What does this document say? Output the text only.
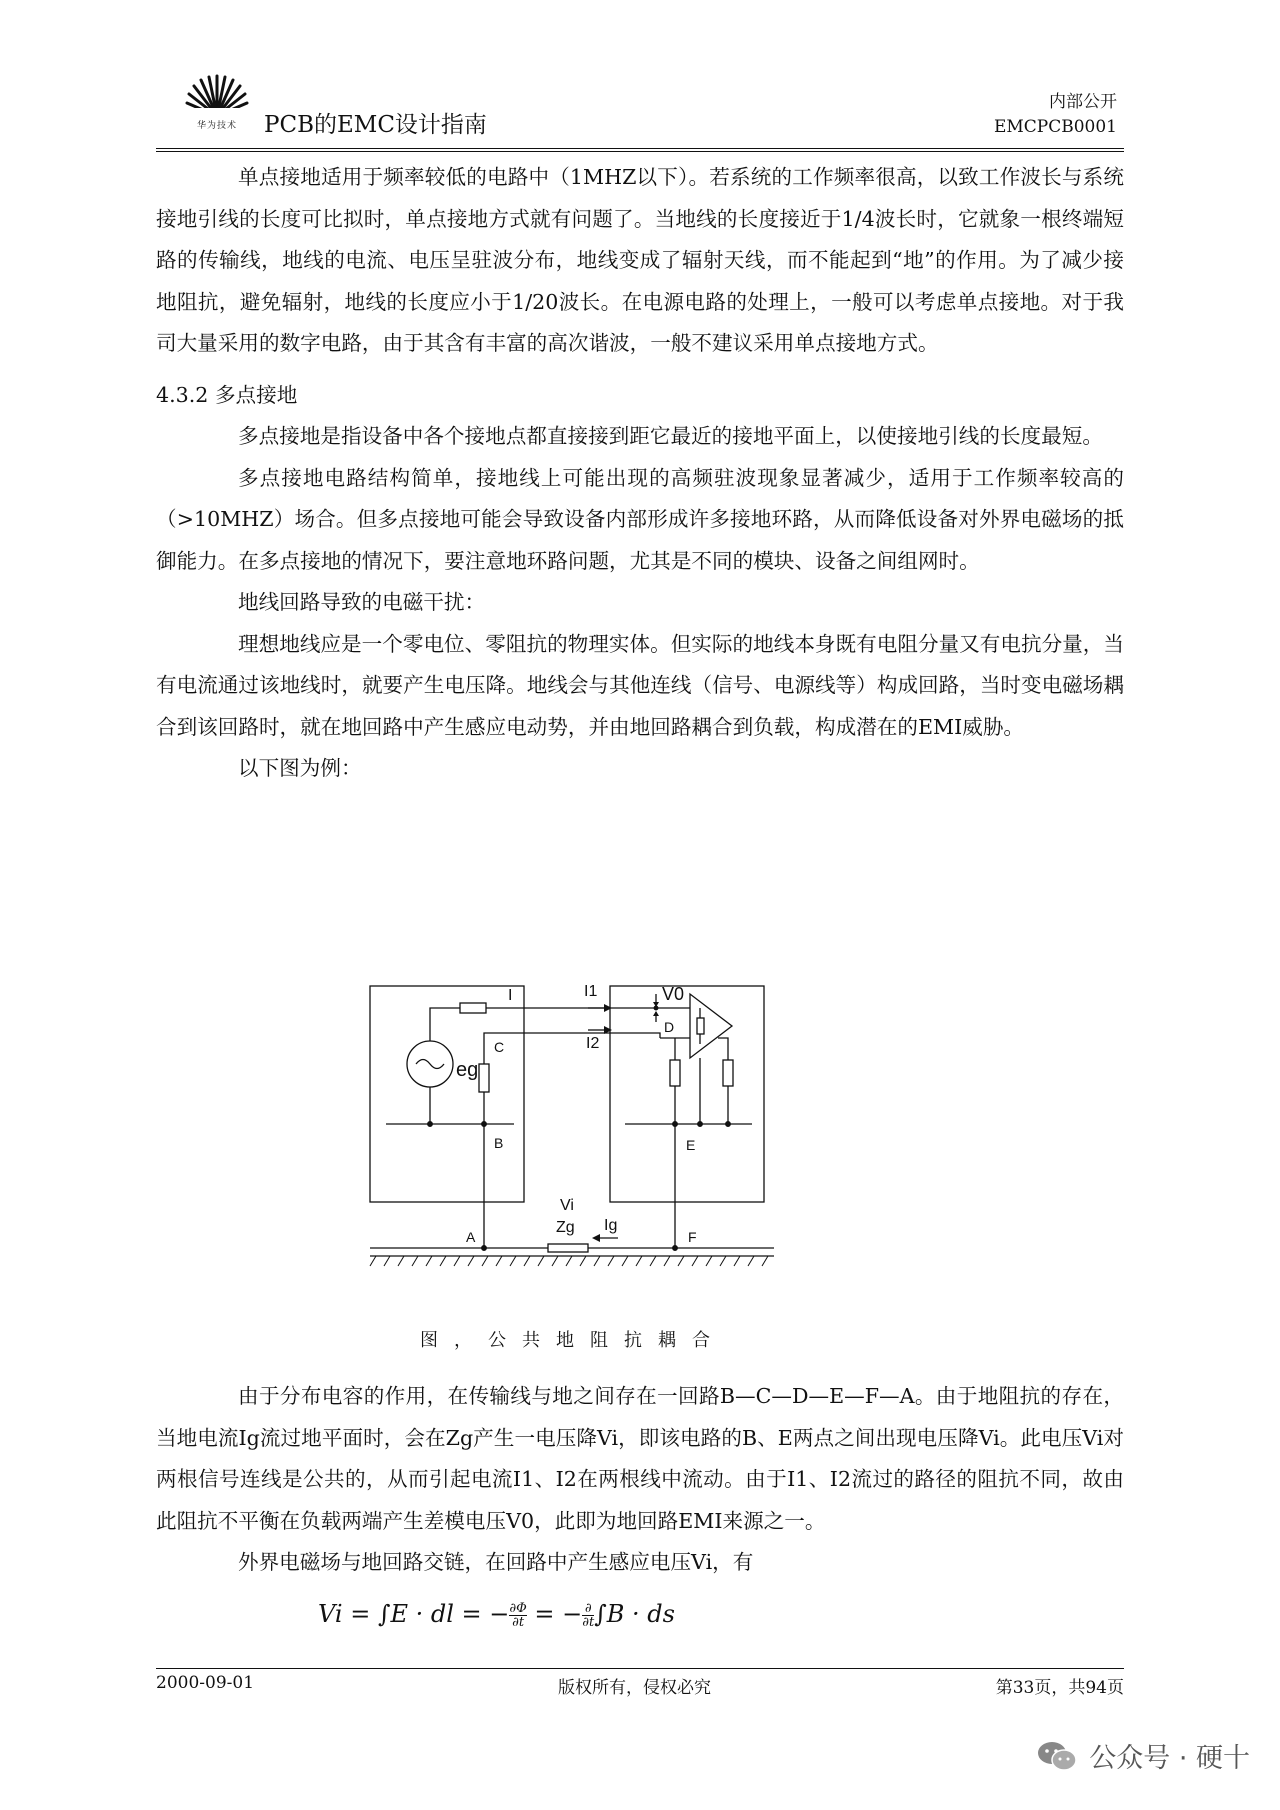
华为技术	PCB的EMC设计指南
内部公开
EMCPCB0001

单点接地适用于频率较低的电路中（1MHZ以下）。若系统的工作频率很高，以致工作波长与系统接地引线的长度可比拟时，单点接地方式就有问题了。当地线的长度接近于1/4波长时，它就象一根终端短路的传输线，地线的电流、电压呈驻波分布，地线变成了辐射天线，而不能起到“地”的作用。为了减少接地阻抗，避免辐射，地线的长度应小于1/20波长。在电源电路的处理上，一般可以考虑单点接地。对于我司大量采用的数字电路，由于其含有丰富的高次谐波，一般不建议采用单点接地方式。

4.3.2 多点接地

多点接地是指设备中各个接地点都直接接到距它最近的接地平面上，以使接地引线的长度最短。

多点接地电路结构简单，接地线上可能出现的高频驻波现象显著减少，适用于工作频率较高的（>10MHZ）场合。但多点接地可能会导致设备内部形成许多接地环路，从而降低设备对外界电磁场的抵御能力。在多点接地的情况下，要注意地环路问题，尤其是不同的模块、设备之间组网时。

地线回路导致的电磁干扰：

理想地线应是一个零电位、零阻抗的物理实体。但实际的地线本身既有电阻分量又有电抗分量，当有电流通过该地线时，就要产生电压降。地线会与其他连线（信号、电源线等）构成回路，当时变电磁场耦合到该回路时，就在地回路中产生感应电动势，并由地回路耦合到负载，构成潜在的EMI威胁。

以下图为例：

I	I1
I2
V0
D
C
eg
B	E
A	F
Vi
Zg Ig
图，公共地阻抗耦合

由于分布电容的作用，在传输线与地之间存在一回路B—C—D—E—F—A。由于地阻抗的存在，当地电流Ig流过地平面时，会在Zg产生一电压降Vi，即该电路的B、E两点之间出现电压降Vi。此电压Vi对两根信号连线是公共的，从而引起电流I1、I2在两根线中流动。由于I1、I2流过的路径的阻抗不同，故由此阻抗不平衡在负载两端产生差模电压V0，此即为地回路EMI来源之一。

外界电磁场与地回路交链，在回路中产生感应电压Vi，有

Vi = ∫E · dl = − $\frac{\partial\Phi}{\partial t}$ = − ∂
∂t ∫B · ds
2000-09-01	版权所有，侵权必究	第33页，共94页
公众号 · 硬十
